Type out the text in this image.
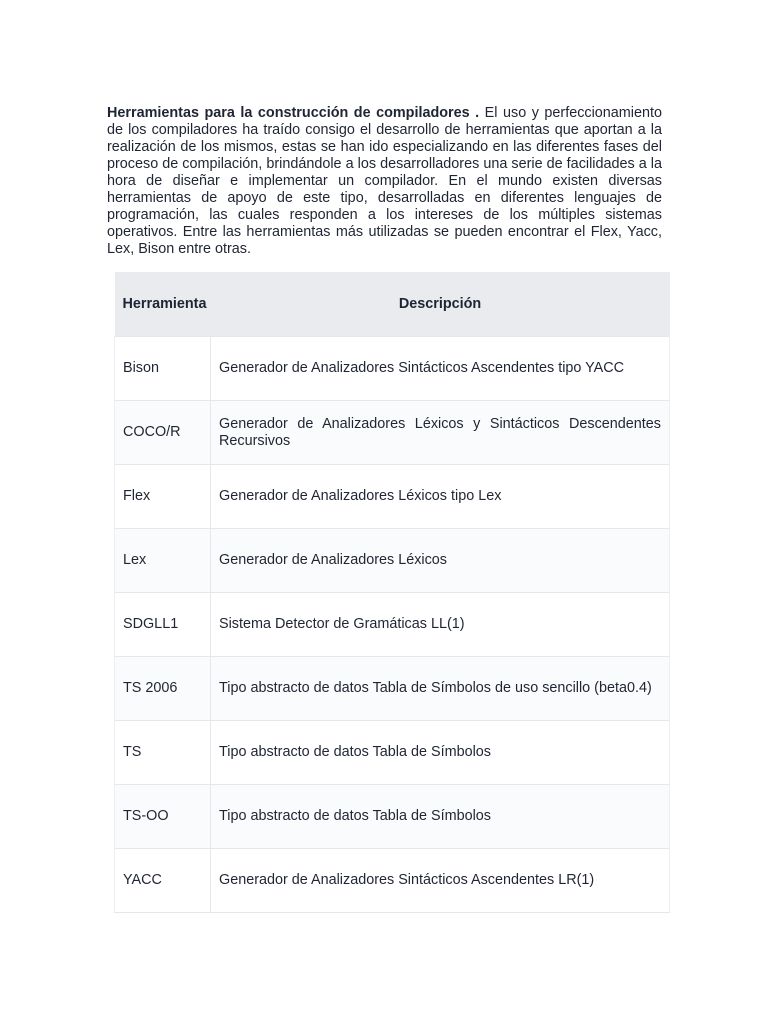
Herramientas para la construcción de compiladores . El uso y perfeccionamiento de los compiladores ha traído consigo el desarrollo de herramientas que aportan a la realización de los mismos, estas se han ido especializando en las diferentes fases del proceso de compilación, brindándole a los desarrolladores una serie de facilidades a la hora de diseñar e implementar un compilador. En el mundo existen diversas herramientas de apoyo de este tipo, desarrolladas en diferentes lenguajes de programación, las cuales responden a los intereses de los múltiples sistemas operativos. Entre las herramientas más utilizadas se pueden encontrar el Flex, Yacc, Lex, Bison entre otras.

Herramienta	Descripción
Bison	Generador de Analizadores Sintácticos Ascendentes tipo YACC
COCO/R	Generador de Analizadores Léxicos y Sintácticos Descendentes Recursivos
Flex	Generador de Analizadores Léxicos tipo Lex
Lex	Generador de Analizadores Léxicos
SDGLL1	Sistema Detector de Gramáticas LL(1)
TS 2006	Tipo abstracto de datos Tabla de Símbolos de uso sencillo (beta0.4)
TS	Tipo abstracto de datos Tabla de Símbolos
TS-OO	Tipo abstracto de datos Tabla de Símbolos
YACC	Generador de Analizadores Sintácticos Ascendentes LR(1)
